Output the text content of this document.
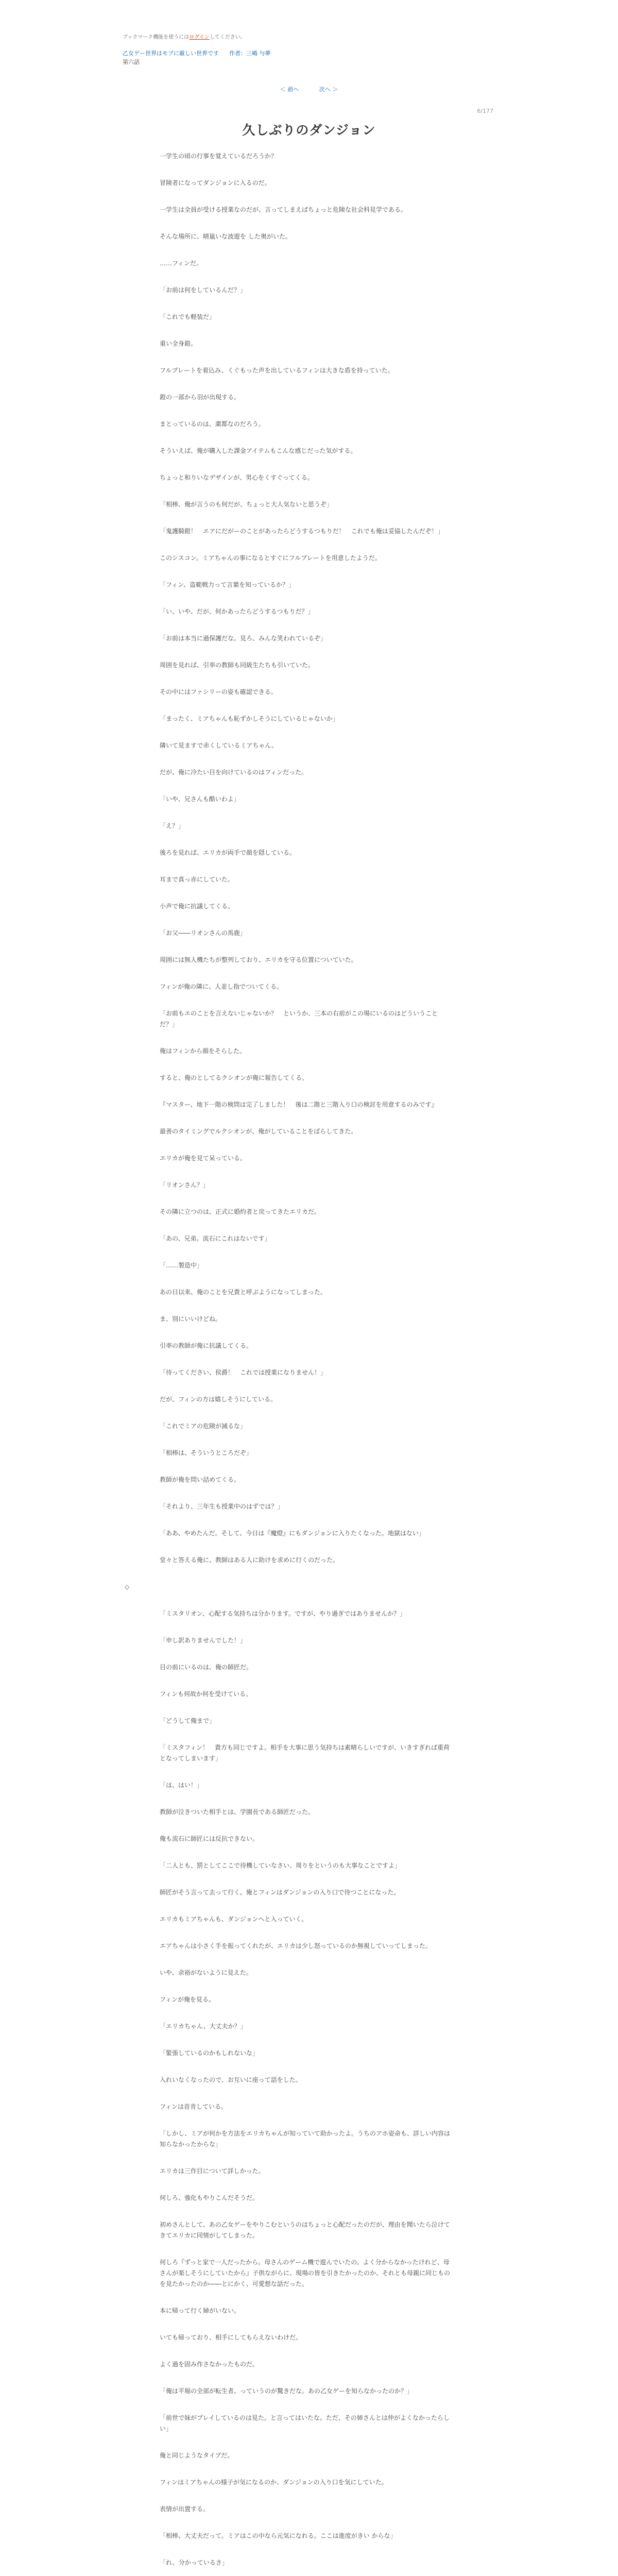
ブックマーク機能を使うにはログインしてください。
乙女ゲー世界はモブに厳しい世界です 作者：三嶋 与夢
第六話
＜ 前へ	次へ ＞
6/177
久しぶりのダンジョン

一学生の頃の行事を覚えているだろうか？

冒険者になってダンジョンに入るのだ。

一学生は全員が受ける授業なのだが、言ってしまえばちょっと危険な社会科見学である。

そんな場所に、晴嵐いな波遊を した奥がいた。

……フィンだ。

「お前は何をしているんだ？」

「これでも軽装だ」

重い全身鎧。

フルプレートを着込み、くぐもった声を出しているフィンは大きな盾を持っていた。

鎧の一部から羽が出現する。

まとっているのは、粛都なのだろう。

そういえば、俺が購入した課金アイテムもこんな感じだった気がする。

ちょっと和りいなデザインが、男心をくすぐってくる。

「相棒、俺が言うのも何だが、ちょっと大人気ないと思うぞ」

「鬼護騎鎧！　エアにだがーのことがあったらどうするつもりだ！　これでも俺は妥協したんだぞ！」

このシスコン。ミアちゃんの事になるとすぐにフルプレートを用意したようだ。

「フィン、盗範戦力って言葉を知っているか？」

「い、いや、だが、何かあったらどうするつもりだ？」

「お前は本当に過保護だな。見ろ、みんな笑われているぞ」

周囲を見れば、引率の教師も同級生たちも引いていた。

その中にはファシリーの姿も確認できる。

「まったく、ミアちゃんも恥ずかしそうにしているじゃないか」

隣いて見ますで赤くしているミアちゃん。

だが、俺に冷たい目を向けているのはフィンだった。

「いや、兄さんも酷いわよ」

「え？」

後ろを見れば、エリカが両手で顔を隠している。

耳まで真っ赤にしていた。

小声で俺に抗議してくる。

「お父――リオンさんの馬鹿」

周囲には無人機たちが整列しており、エリカを守る位置についていた。

フィンが俺の隣に、人並し指でついてくる。

「お前もエのことを言えないじゃないか？　というか、三本の右前がこの場にいるのはどういうことだ？」

俺はフィンから顔をそらした。

すると、俺のとしてるクシオンが俺に報告してくる。

『マスター、地下一階の検問は完了しました！　後は二階と三階入り口の検討を用意するのみです』

最善のタイミングでルクシオンが、俺がしていることをばらしてきた。

エリカが俺を見て呆っている。

「リオンさん？」

その隣に立つのは、正式に婚約者と戻ってきたエリカだ。

「あの、兄弟。流石にこれはないです」

「……製造中」

あの日以来、俺のことを兄貴と呼ぶようになってしまった。

ま、別にいいけどね。

引率の教師が俺に抗議してくる。

「待ってください、侯爵！　これでは授業になりません！」

だが、フィンの方は嬉しそうにしている。

「これでミアの危険が減るな」

「相棒は、そういうところだぞ」

教師が俺を問い詰めてくる。

「それより、三年生も授業中のはずでは？」

「ああ、やめたんだ。そして、今日は『魔燈』にもダンジョンに入りたくなった。地獄はない」

堂々と答える俺に、教師はある人に助けを求めに行くのだった。

◇

「ミスタリオン、心配する気持ちは分かります。ですが、やり過ぎではありませんか？」

「申し訳ありませんでした！」

目の前にいるのは、俺の師匠だ。

フィンも何故か何を受けている。

「どうして俺まで」

「ミスタフィン！　貴方も同じですよ。相手を大事に思う気持ちは素晴らしいですが、いきすぎれば重荷となってしまいます」

「は、はい！」

教師が泣きついた相手とは、学園長である師匠だった。

俺も流石に師匠には反抗できない。

「二人とも、罰としてここで待機していなさい。周りをというのも大事なことですよ」

師匠がそう言って去って行く。俺とフィンはダンジョンの入り口で待つことになった。

エリカもミアちゃんも、ダンジョンへと入っていく。

エアちゃんは小さく手を振ってくれたが、エリカは少し怒っているのか無視していってしまった。

いや、余裕がないように見えた。

フィンが俺を見る。

「エリカちゃん、大丈夫か？」

「緊張しているのかもしれないな」

入れいなくなったので、お互いに座って話をした。

フィンは首肯している。

「しかし、ミアが何かを方法をエリカちゃんが知っていて助かったよ。うちのアホ姿命も、詳しい内容は知らなかったからな」

エリカは三作目について詳しかった。

何しろ、強化もやりこんだそうだ。

初めさんとして、あの乙女ゲーをやりこむというのはちょっと心配だったのだが、理由を聞いたら泣けてきてエリカに同情がしてしまった。

何しろ『ずっと家で一人だったから。母さんのゲーム機で遊んでいたの。よく分からなかったけれど、母さんが楽しそうにしていたから』子供ながらに、現場の皆を引きたかったのか、それとも母親に同じものを見たかったのか――とにかく、可愛想な話だった。

本に帰って行く婦がいない。

いても帰っており、相手にしてもらえないわけだ。

よく過を固み作さなかったものだ。

「俺は平堀の全部が転生者、っていうのが驚きだな。あの乙女ゲーを知らなかったのか？」

「前世で妹がプレイしているのは見た。と言ってはいたな。ただ、その姉さんとは仲がよくなかったらしい」

俺と同じようなタイプだ。

フィンはミアちゃんの様子が気になるのか、ダンジョンの入り口を気にしていた。

表情が出置する。

「相棒、大丈夫だって。ミアはこの中なら元気になれる。ここは進度がきい からな」

「れ、分かっているさ」
